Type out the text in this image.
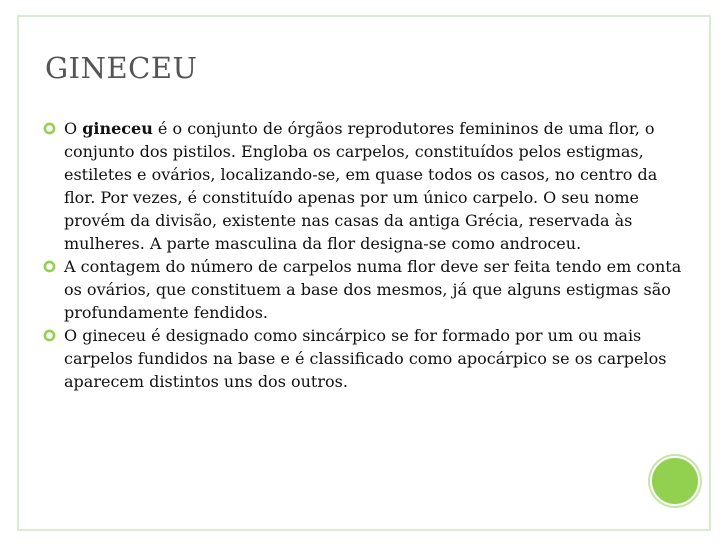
GINECEU
O gineceu é o conjunto de órgãos reprodutores femininos de uma flor, o conjunto dos pistilos. Engloba os carpelos, constituídos pelos estigmas, estiletes e ovários, localizando-se, em quase todos os casos, no centro da flor. Por vezes, é constituído apenas por um único carpelo. O seu nome provém da divisão, existente nas casas da antiga Grécia, reservada às mulheres. A parte masculina da flor designa-se como androceu.
A contagem do número de carpelos numa flor deve ser feita tendo em conta os ovários, que constituem a base dos mesmos, já que alguns estigmas são profundamente fendidos.
O gineceu é designado como sincárpico se for formado por um ou mais carpelos fundidos na base e é classificado como apocárpico se os carpelos aparecem distintos uns dos outros.
